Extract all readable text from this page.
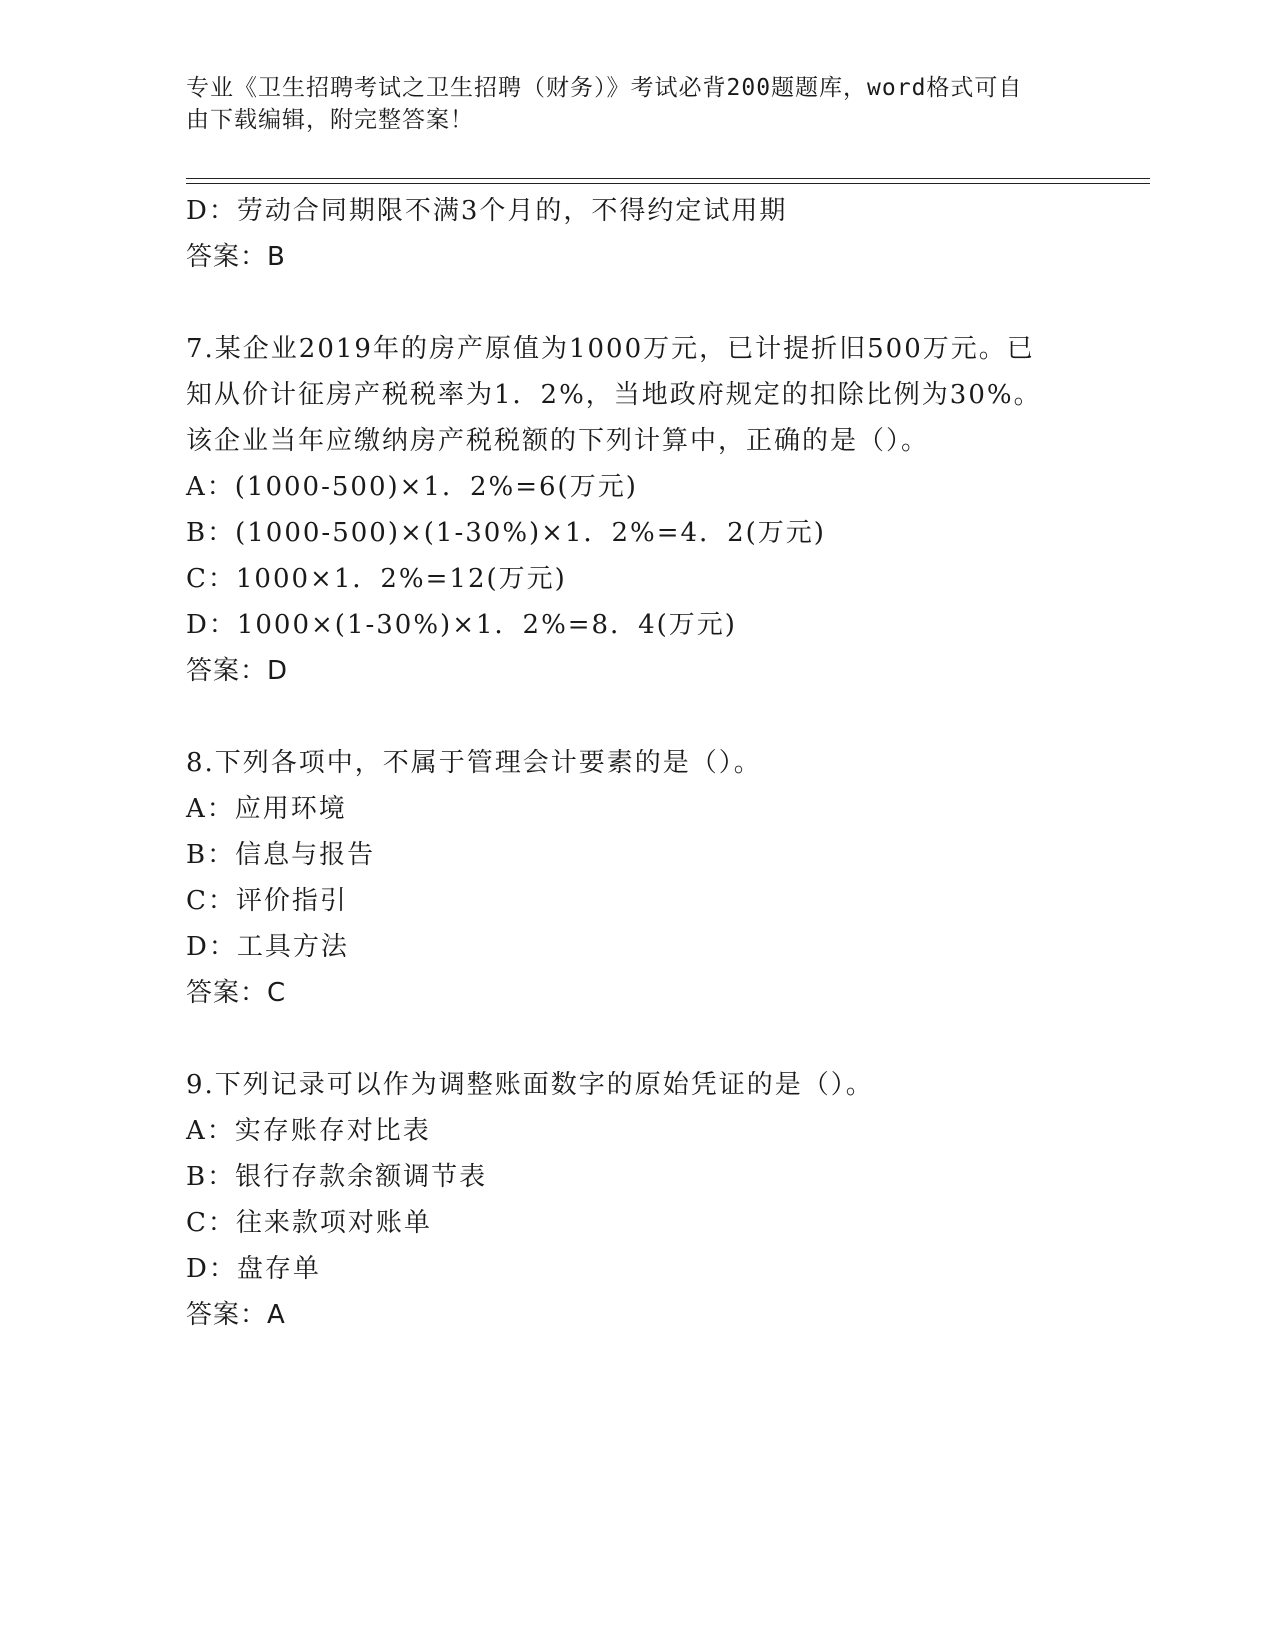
专业《卫生招聘考试之卫生招聘（财务）》考试必背200题题库，word格式可自
由下载编辑，附完整答案！
D：劳动合同期限不满3个月的，不得约定试用期
答案：B
7.某企业2019年的房产原值为1000万元，已计提折旧500万元。已
知从价计征房产税税率为1．2%，当地政府规定的扣除比例为30%。
该企业当年应缴纳房产税税额的下列计算中，正确的是（）。
A：(1000-500)×1．2%=6(万元)
B：(1000-500)×(1-30%)×1．2%=4．2(万元)
C：1000×1．2%=12(万元)
D：1000×(1-30%)×1．2%=8．4(万元)
答案：D
8.下列各项中，不属于管理会计要素的是（）。
A：应用环境
B：信息与报告
C：评价指引
D：工具方法
答案：C
9.下列记录可以作为调整账面数字的原始凭证的是（）。
A：实存账存对比表
B：银行存款余额调节表
C：往来款项对账单
D：盘存单
答案：A
